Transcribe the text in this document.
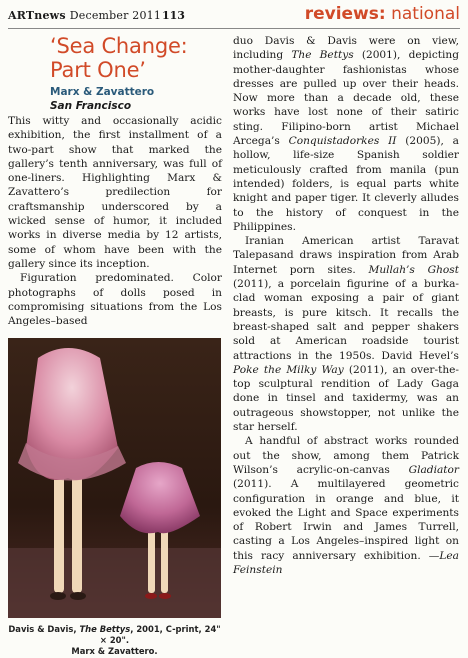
ARTnews December 2011 113	reviews: national
‘Sea Change:
Part One’
Marx & Zavattero
San Francisco

This witty and occasionally acidic exhibition, the first installment of a two-part show that marked the gallery’s tenth anniversary, was full of one-liners. Highlighting Marx & Zavattero’s predilection for craftsmanship underscored by a wicked sense of humor, it included works in diverse media by 12 artists, some of whom have been with the gallery since its inception.

Figuration predominated. Color photographs of dolls posed in compromising situations from the Los Angeles–based

duo Davis & Davis were on view, including The Bettys (2001), depicting mother-daughter fashionistas whose dresses are pulled up over their heads. Now more than a decade old, these works have lost none of their satiric sting. Filipino-born artist Michael Arcega’s Conquistadorkes II (2005), a hollow, life-size Spanish soldier meticulously crafted from manila (pun intended) folders, is equal parts white knight and paper tiger. It cleverly alludes to the history of conquest in the Philippines.

Iranian American artist Taravat Talepasand draws inspiration from Arab Internet porn sites. Mullah’s Ghost (2011), a porcelain figurine of a burka-clad woman exposing a pair of giant breasts, is pure kitsch. It recalls the breast-shaped salt and pepper shakers sold at American roadside tourist attractions in the 1950s. David Hevel’s Poke the Milky Way (2011), an over-the-top sculptural rendition of Lady Gaga done in tinsel and taxidermy, was an outrageous showstopper, not unlike the star herself.

A handful of abstract works rounded out the show, among them Patrick Wilson’s acrylic-on-canvas Gladiator (2011). A multilayered geometric configuration in orange and blue, it evoked the Light and Space experiments of Robert Irwin and James Turrell, casting a Los Angeles–inspired light on this racy anniversary exhibition. —Lea Feinstein

Davis & Davis, The Bettys, 2001, C-print, 24" × 20".
Marx & Zavattero.
